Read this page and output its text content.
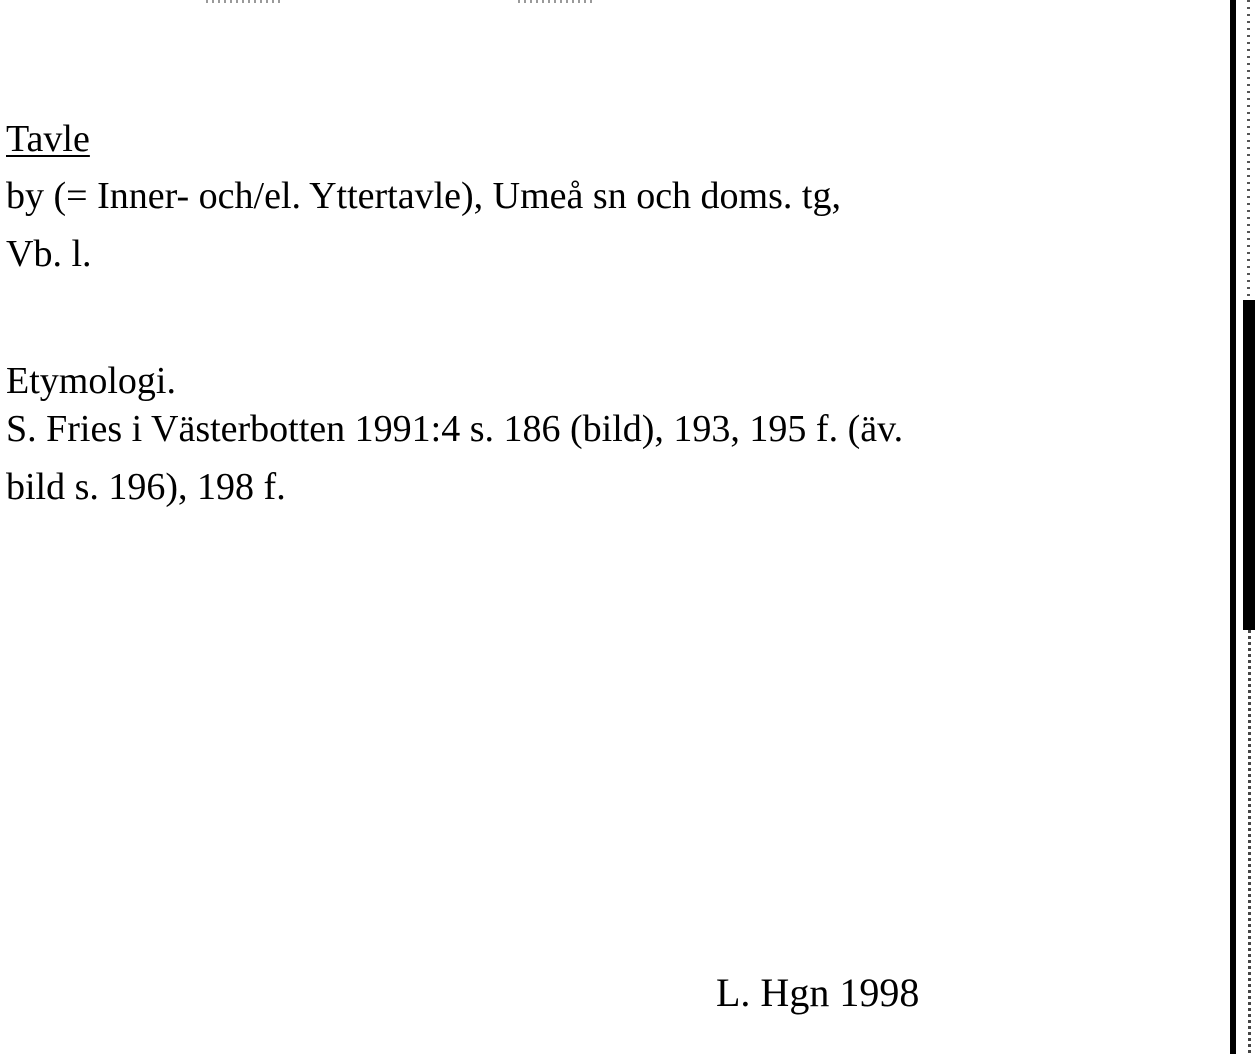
Tavle
by (= Inner- och/el. Yttertavle), Umeå sn och doms. tg,
Vb. l.
Etymologi.
S. Fries i Västerbotten 1991:4 s. 186 (bild), 193, 195 f. (äv.
bild s. 196), 198 f.
L. Hgn 1998
